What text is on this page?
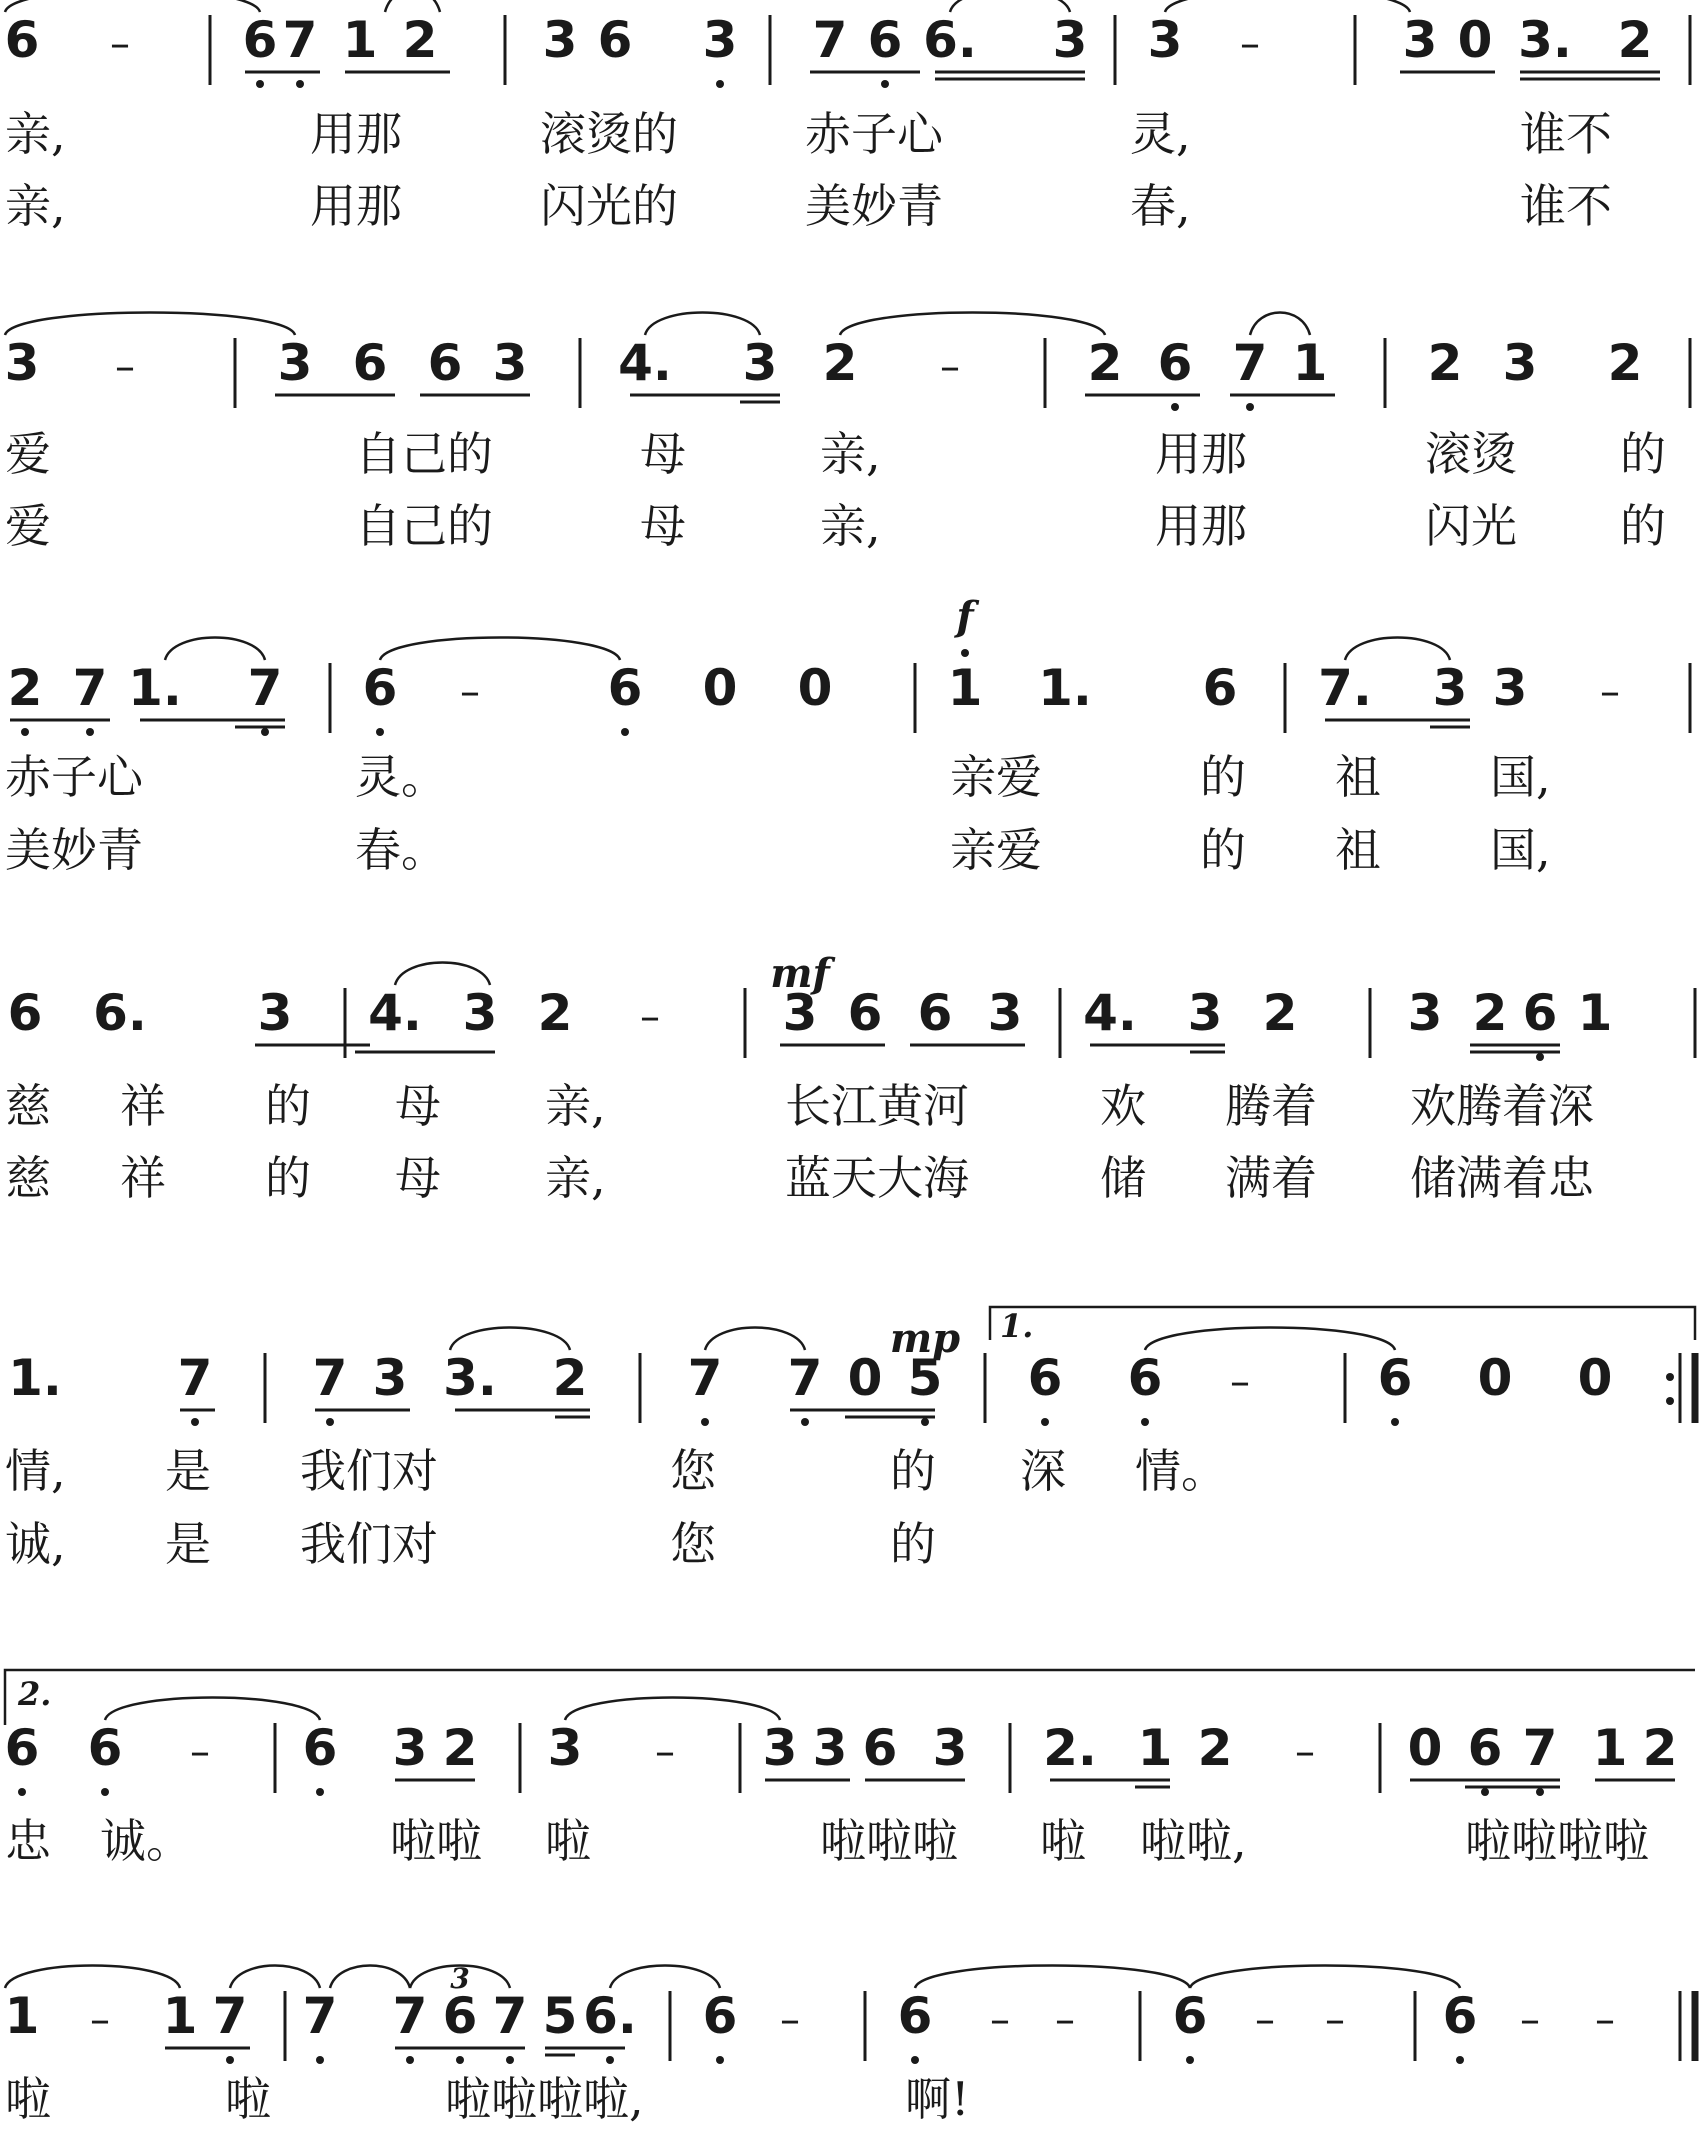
6 – 6 7 1 2 3 6 3 7 6 6. 3 3 –	3 0 3. 2
亲,	用那	滚烫的	赤子心	灵,	谁不
亲,	用那	闪光的	美妙青	春,	谁不
3 –	3 6 6 3 4. 3 2 –	2 6 7 1 2 3 2
爱	自己的	母	亲,	用那	滚烫 的
爱	自己的	母	亲,	用那	闪光 的
2 7 1. 7 6 –	6 0 0 1 1. 6 7. 3 3 –
f
赤子心	灵。	亲爱	的 祖 国,
美妙青	春。	亲爱	的 祖 国,
6 6. 3 4. 3 2 – 3 6 6 3 4. 3 2 3 2 6 1
mf
慈 祥 的 母 亲,	长江黄河	欢 腾着 欢腾着深
慈 祥 的 母 亲,	蓝天大海	储 满着 储满着忠
1. 7 7 3 3. 2 7 7 0 5 6 6 –	6 0 0
mp 1.
情, 是 我们对	您	的 深 情。
诚, 是 我们对	您	的
6 6 – 6 3 2 3 – 3 3 6 3 2. 1 2 – 0 6 7 1 2
2.
忠 诚。	啦啦 啦	啦啦啦 啦 啦啦,	啦啦啦啦
1 – 1 7 7 7 6 7 5 6. 6 – 6 – – 6 – – 6 – –
3
啦	啦	啦啦啦啦,	啊!
